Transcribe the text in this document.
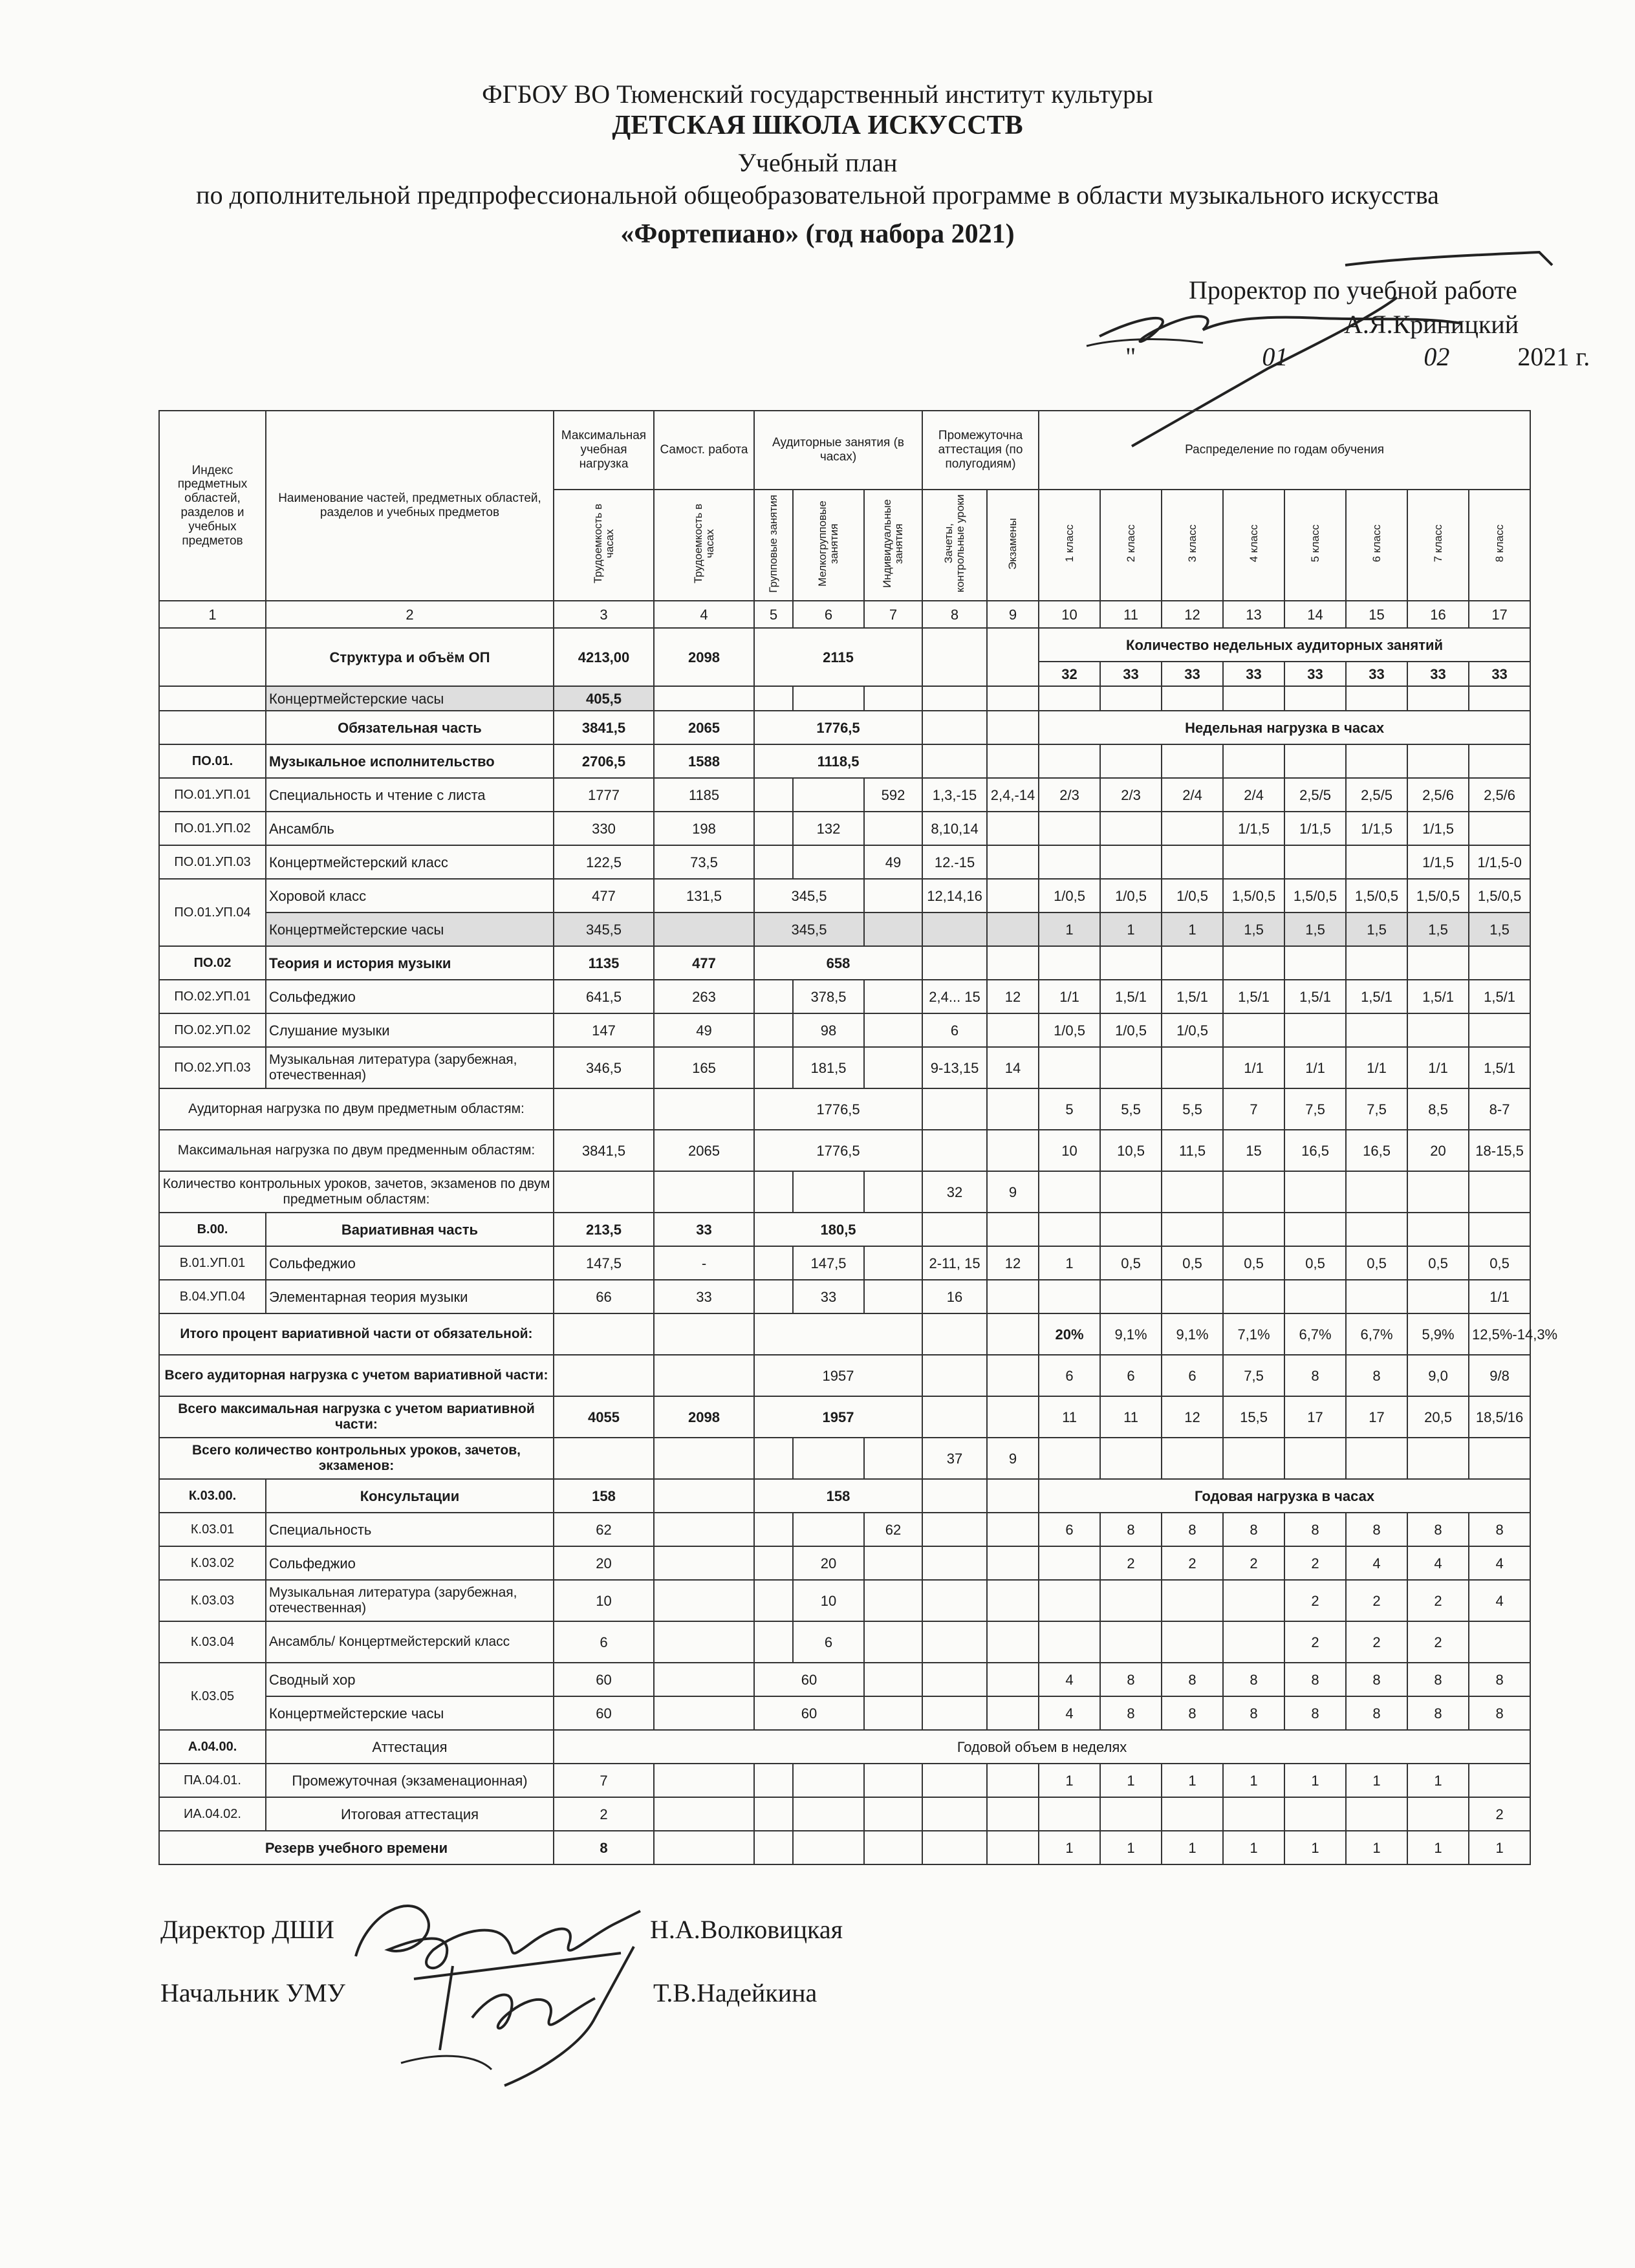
ФГБОУ ВО Тюменский государственный институт культуры
ДЕТСКАЯ ШКОЛА ИСКУССТВ
Учебный план
по дополнительной предпрофессиональной общеобразовательной программе в области музыкального искусства
«Фортепиано» (год набора 2021)
Проректор по учебной работе
А.Я.Криницкий
"	01	02	2021 г.
Индекс предметных областей, разделов и учебных предметов	Наименование частей, предметных областей, разделов и учебных предметов	Максимальная учебная нагрузка	Самост. работа	Аудиторные занятия (в часах)			Промежуточна аттестация (по полугодиям)		Распределение по годам обучения							
		Трудоемкость в часах	Трудоемкость в часах	Групповые занятия	Мелкогрупповые занятия	Индивидуальные занятия	Зачеты, контрольные уроки	Экзамены	1 класс	2 класс	3 класс	4 класс	5 класс	6 класс	7 класс	8 класс
1	2	3	4	5	6	7	8	9	10	11	12	13	14	15	16	17
	Структура и объём ОП	4213,00	2098	2115					Количество недельных аудиторных занятий							
									32	33	33	33	33	33	33	33
	Концертмейстерские часы	405,5														
	Обязательная часть	3841,5	2065	1776,5					Недельная нагрузка в часах							
ПО.01.	Музыкальное исполнительство	2706,5	1588	1118,5												
ПО.01.УП.01	Специальность и чтение с листа	1777	1185			592	1,3,-15	2,4,-14	2/3	2/3	2/4	2/4	2,5/5	2,5/5	2,5/6	2,5/6
ПО.01.УП.02	Ансамбль	330	198		132		8,10,14					1/1,5	1/1,5	1/1,5	1/1,5	
ПО.01.УП.03	Концертмейстерский класс	122,5	73,5			49	12.-15								1/1,5	1/1,5-0
ПО.01.УП.04	Хоровой класс	477	131,5	345,5			12,14,16		1/0,5	1/0,5	1/0,5	1,5/0,5	1,5/0,5	1,5/0,5	1,5/0,5	1,5/0,5
	Концертмейстерские часы	345,5		345,5					1	1	1	1,5	1,5	1,5	1,5	1,5
ПО.02	Теория и история музыки	1135	477	658												
ПО.02.УП.01	Сольфеджио	641,5	263		378,5		2,4... 15	12	1/1	1,5/1	1,5/1	1,5/1	1,5/1	1,5/1	1,5/1	1,5/1
ПО.02.УП.02	Слушание музыки	147	49		98		6		1/0,5	1/0,5	1/0,5					
ПО.02.УП.03	Музыкальная литература (зарубежная, отечественная)	346,5	165		181,5		9-13,15	14				1/1	1/1	1/1	1/1	1,5/1
Аудиторная нагрузка по двум предметным областям:				1776,5					5	5,5	5,5	7	7,5	7,5	8,5	8-7
Максимальная нагрузка по двум предменным областям:		3841,5	2065	1776,5					10	10,5	11,5	15	16,5	16,5	20	18-15,5
Количество контрольных уроков, зачетов, экзаменов по двум предметным областям:							32	9								
В.00.	Вариативная часть	213,5	33	180,5												
В.01.УП.01	Сольфеджио	147,5	-		147,5		2-11, 15	12	1	0,5	0,5	0,5	0,5	0,5	0,5	0,5
В.04.УП.04	Элементарная теория музыки	66	33		33		16									1/1
Итого процент вариативной части от обязательной:									20%	9,1%	9,1%	7,1%	6,7%	6,7%	5,9%	12,5%-14,3%
Всего аудиторная нагрузка с учетом вариативной части:				1957					6	6	6	7,5	8	8	9,0	9/8
Всего максимальная нагрузка с учетом вариативной части:		4055	2098	1957					11	11	12	15,5	17	17	20,5	18,5/16
Всего количество контрольных уроков, зачетов, экзаменов:							37	9								
К.03.00.	Консультации	158		158					Годовая нагрузка в часах							
К.03.01	Специальность	62				62			6	8	8	8	8	8	8	8
К.03.02	Сольфеджио	20			20					2	2	2	2	4	4	4
К.03.03	Музыкальная литература (зарубежная, отечественная)	10			10								2	2	2	4
К.03.04	Ансамбль/ Концертмейстерский класс	6			6								2	2	2	
К.03.05	Сводный хор	60		60					4	8	8	8	8	8	8	8
	Концертмейстерские часы	60		60					4	8	8	8	8	8	8	8
А.04.00.	Аттестация	Годовой объем в неделях														
ПА.04.01.	Промежуточная (экзаменационная)	7							1	1	1	1	1	1	1	
ИА.04.02.	Итоговая аттестация	2														2
Резерв учебного времени		8							1	1	1	1	1	1	1	1
Директор ДШИ	Н.А.Волковицкая
Начальник УМУ	Т.В.Надейкина
